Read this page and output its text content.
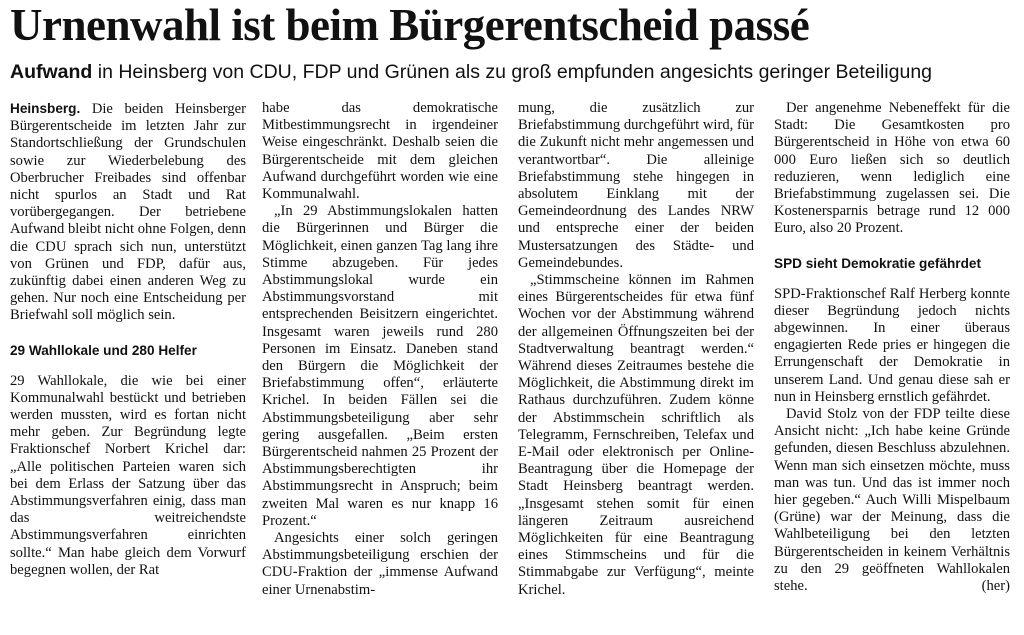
Urnenwahl ist beim Bürgerentscheid passé
Aufwand in Heinsberg von CDU, FDP und Grünen als zu groß empfunden angesichts geringer Beteiligung

Heinsberg. Die beiden Heinsberger Bürgerentscheide im letzten Jahr zur Standortschließung der Grundschulen sowie zur Wiederbelebung des Oberbrucher Freibades sind offenbar nicht spurlos an Stadt und Rat vorübergegangen. Der betriebene Aufwand bleibt nicht ohne Folgen, denn die CDU sprach sich nun, unterstützt von Grünen und FDP, dafür aus, zukünftig dabei einen anderen Weg zu gehen. Nur noch eine Entscheidung per Briefwahl soll möglich sein.

29 Wahllokale und 280 Helfer

29 Wahllokale, die wie bei einer Kommunalwahl bestückt und betrieben werden mussten, wird es fortan nicht mehr geben. Zur Begründung legte Fraktionschef Norbert Krichel dar: „Alle politischen Parteien waren sich bei dem Erlass der Satzung über das Abstimmungsverfahren einig, dass man das weitreichendste Abstimmungsverfahren einrichten sollte.“ Man habe gleich dem Vorwurf begegnen wollen, der Rat

habe das demokratische Mitbestimmungsrecht in irgendeiner Weise eingeschränkt. Deshalb seien die Bürgerentscheide mit dem gleichen Aufwand durchgeführt worden wie eine Kommunalwahl.

„In 29 Abstimmungslokalen hatten die Bürgerinnen und Bürger die Möglichkeit, einen ganzen Tag lang ihre Stimme abzugeben. Für jedes Abstimmungslokal wurde ein Abstimmungsvorstand mit entsprechenden Beisitzern eingerichtet. Insgesamt waren jeweils rund 280 Personen im Einsatz. Daneben stand den Bürgern die Möglichkeit der Briefabstimmung offen“, erläuterte Krichel. In beiden Fällen sei die Abstimmungsbeteiligung aber sehr gering ausgefallen. „Beim ersten Bürgerentscheid nahmen 25 Prozent der Abstimmungsberechtigten ihr Abstimmungsrecht in Anspruch; beim zweiten Mal waren es nur knapp 16 Prozent.“

Angesichts einer solch geringen Abstimmungsbeteiligung erschien der CDU-Fraktion der „immense Aufwand einer Urnenabstim-

mung, die zusätzlich zur Briefabstimmung durchgeführt wird, für die Zukunft nicht mehr angemessen und verantwortbar“. Die alleinige Briefabstimmung stehe hingegen in absolutem Einklang mit der Gemeindeordnung des Landes NRW und entspreche einer der beiden Mustersatzungen des Städte- und Gemeindebundes.

„Stimmscheine können im Rahmen eines Bürgerentscheides für etwa fünf Wochen vor der Abstimmung während der allgemeinen Öffnungszeiten bei der Stadtverwaltung beantragt werden.“ Während dieses Zeitraumes bestehe die Möglichkeit, die Abstimmung direkt im Rathaus durchzuführen. Zudem könne der Abstimmschein schriftlich als Telegramm, Fernschreiben, Telefax und E-Mail oder elektronisch per Online-Beantragung über die Homepage der Stadt Heinsberg beantragt werden. „Insgesamt stehen somit für einen längeren Zeitraum ausreichend Möglichkeiten für eine Beantragung eines Stimmscheins und für die Stimmabgabe zur Verfügung“, meinte Krichel.

Der angenehme Nebeneffekt für die Stadt: Die Gesamtkosten pro Bürgerentscheid in Höhe von etwa 60 000 Euro ließen sich so deutlich reduzieren, wenn lediglich eine Briefabstimmung zugelassen sei. Die Kostenersparnis betrage rund 12 000 Euro, also 20 Prozent.

SPD sieht Demokratie gefährdet

SPD-Fraktionschef Ralf Herberg konnte dieser Begründung jedoch nichts abgewinnen. In einer überaus engagierten Rede pries er hingegen die Errungenschaft der Demokratie in unserem Land. Und genau diese sah er nun in Heinsberg ernstlich gefährdet.

David Stolz von der FDP teilte diese Ansicht nicht: „Ich habe keine Gründe gefunden, diesen Beschluss abzulehnen. Wenn man sich einsetzen möchte, muss man was tun. Und das ist immer noch hier gegeben.“ Auch Willi Mispelbaum (Grüne) war der Meinung, dass die Wahlbeteiligung bei den letzten Bürgerentscheiden in keinem Verhältnis zu den 29 geöffneten Wahllokalen stehe.	(her)
